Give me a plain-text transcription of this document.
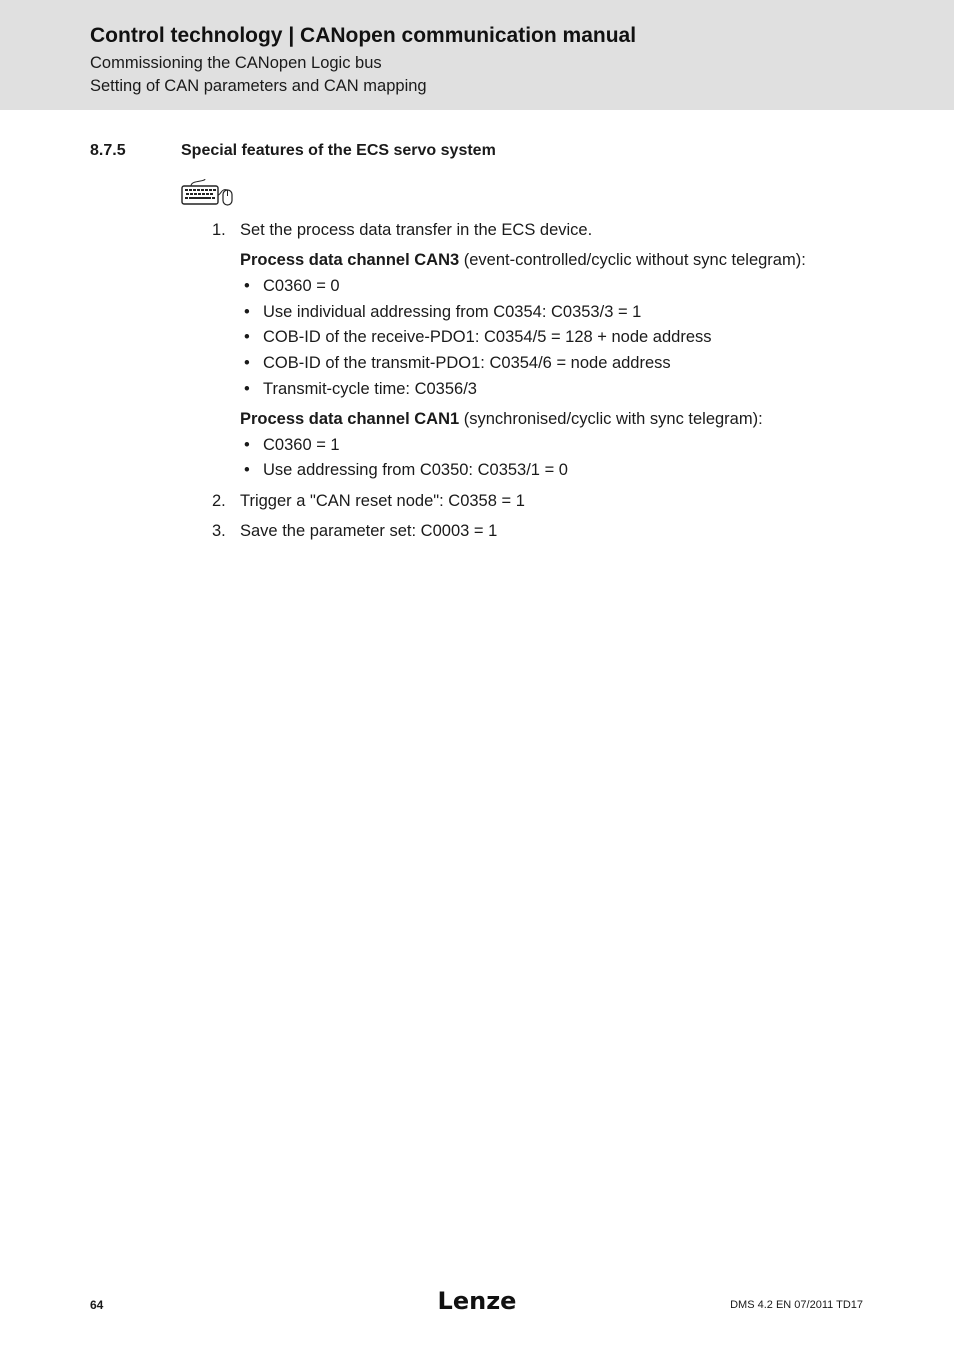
Control technology | CANopen communication manual
Commissioning the CANopen Logic bus
Setting of CAN parameters and CAN mapping
8.7.5	Special features of the ECS servo system
1. Set the process data transfer in the ECS device.
Process data channel CAN3 (event-controlled/cyclic without sync telegram):
• C0360 = 0
• Use individual addressing from C0354: C0353/3 = 1
• COB-ID of the receive-PDO1: C0354/5 = 128 + node address
• COB-ID of the transmit-PDO1: C0354/6 = node address
• Transmit-cycle time: C0356/3
Process data channel CAN1 (synchronised/cyclic with sync telegram):
• C0360 = 1
• Use addressing from C0350: C0353/1 = 0
2. Trigger a "CAN reset node": C0358 = 1
3. Save the parameter set: C0003 = 1
64	Lenze	DMS 4.2 EN 07/2011 TD17
